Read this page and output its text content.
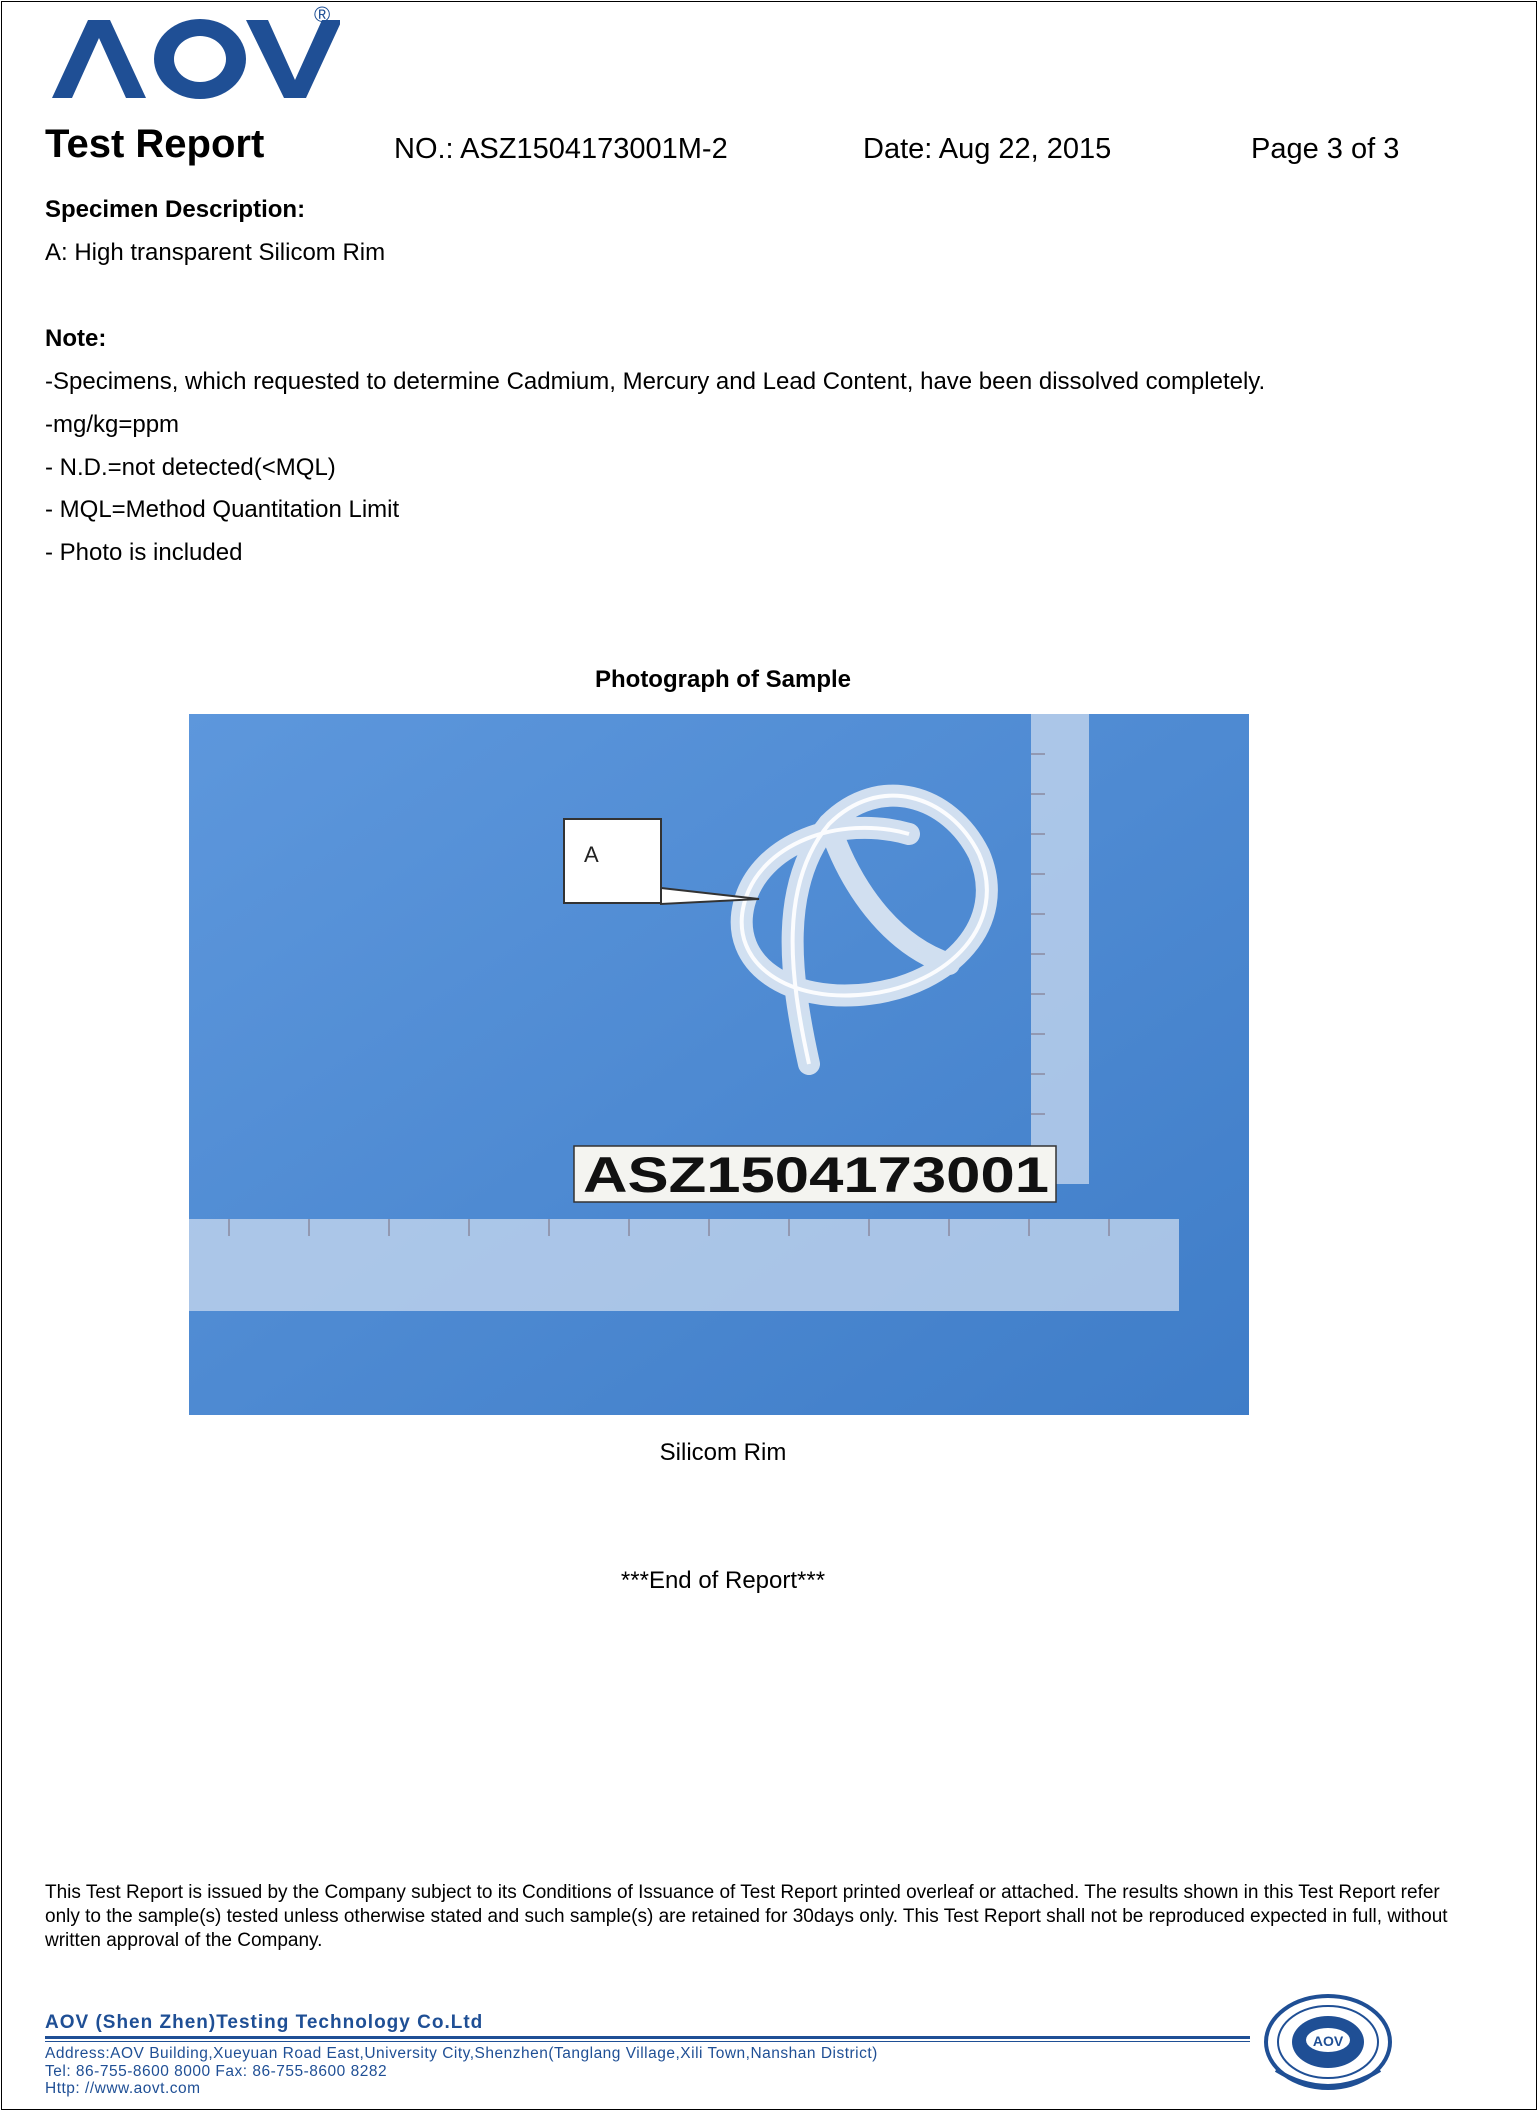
®
Test Report	NO.: ASZ1504173001M-2	Date: Aug 22, 2015	Page 3 of 3
Specimen Description:
A: High transparent Silicom Rim
Note:
-Specimens, which requested to determine Cadmium, Mercury and Lead Content, have been dissolved completely.
-mg/kg=ppm
- N.D.=not detected(<MQL)
- MQL=Method Quantitation Limit
- Photo is included
Photograph of Sample
A
ASZ1504173001
Silicom Rim
***End of Report***
This Test Report is issued by the Company subject to its Conditions of Issuance of Test Report printed overleaf or attached. The results shown in this Test Report refer only to the sample(s) tested unless otherwise stated and such sample(s) are retained for 30days only. This Test Report shall not be reproduced expected in full, without written approval of the Company.
AOV (Shen Zhen)Testing Technology Co.Ltd
Address:AOV Building,Xueyuan Road East,University City,Shenzhen(Tanglang Village,Xili Town,Nanshan District)
Tel: 86-755-8600 8000 Fax: 86-755-8600 8282
Http: //www.aovt.com
AOV
